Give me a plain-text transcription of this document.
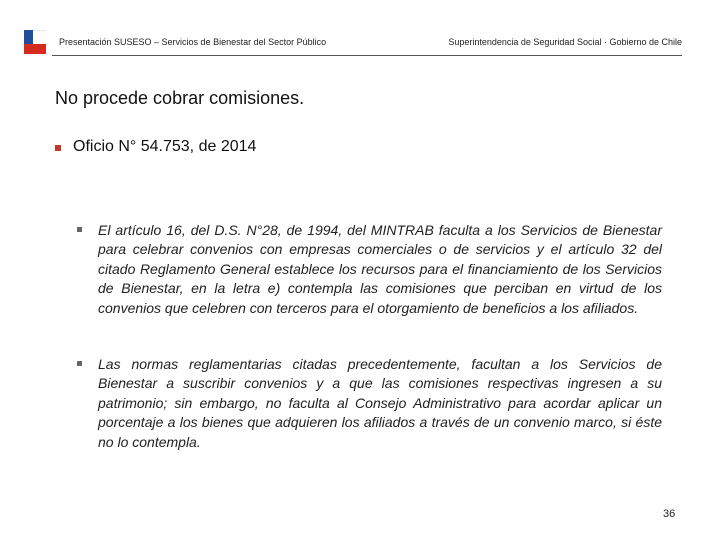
Presentación SUSESO – Servicios de Bienestar del Sector Público	Superintendencia de Seguridad Social · Gobierno de Chile
No procede cobrar comisiones.
Oficio N° 54.753, de 2014
El artículo 16, del D.S. N°28, de 1994, del MINTRAB faculta a los Servicios de Bienestar para celebrar convenios con empresas comerciales o de servicios y el artículo 32 del citado Reglamento General establece los recursos para el financiamiento de los Servicios de Bienestar, en la letra e) contempla las comisiones que perciban en virtud de los convenios que celebren con terceros para el otorgamiento de beneficios a los afiliados.
Las normas reglamentarias citadas precedentemente, facultan a los Servicios de Bienestar a suscribir convenios y a que las comisiones respectivas ingresen a su patrimonio; sin embargo, no faculta al Consejo Administrativo para acordar aplicar un porcentaje a los bienes que adquieren los afiliados a través de un convenio marco, si éste no lo contempla.
36
